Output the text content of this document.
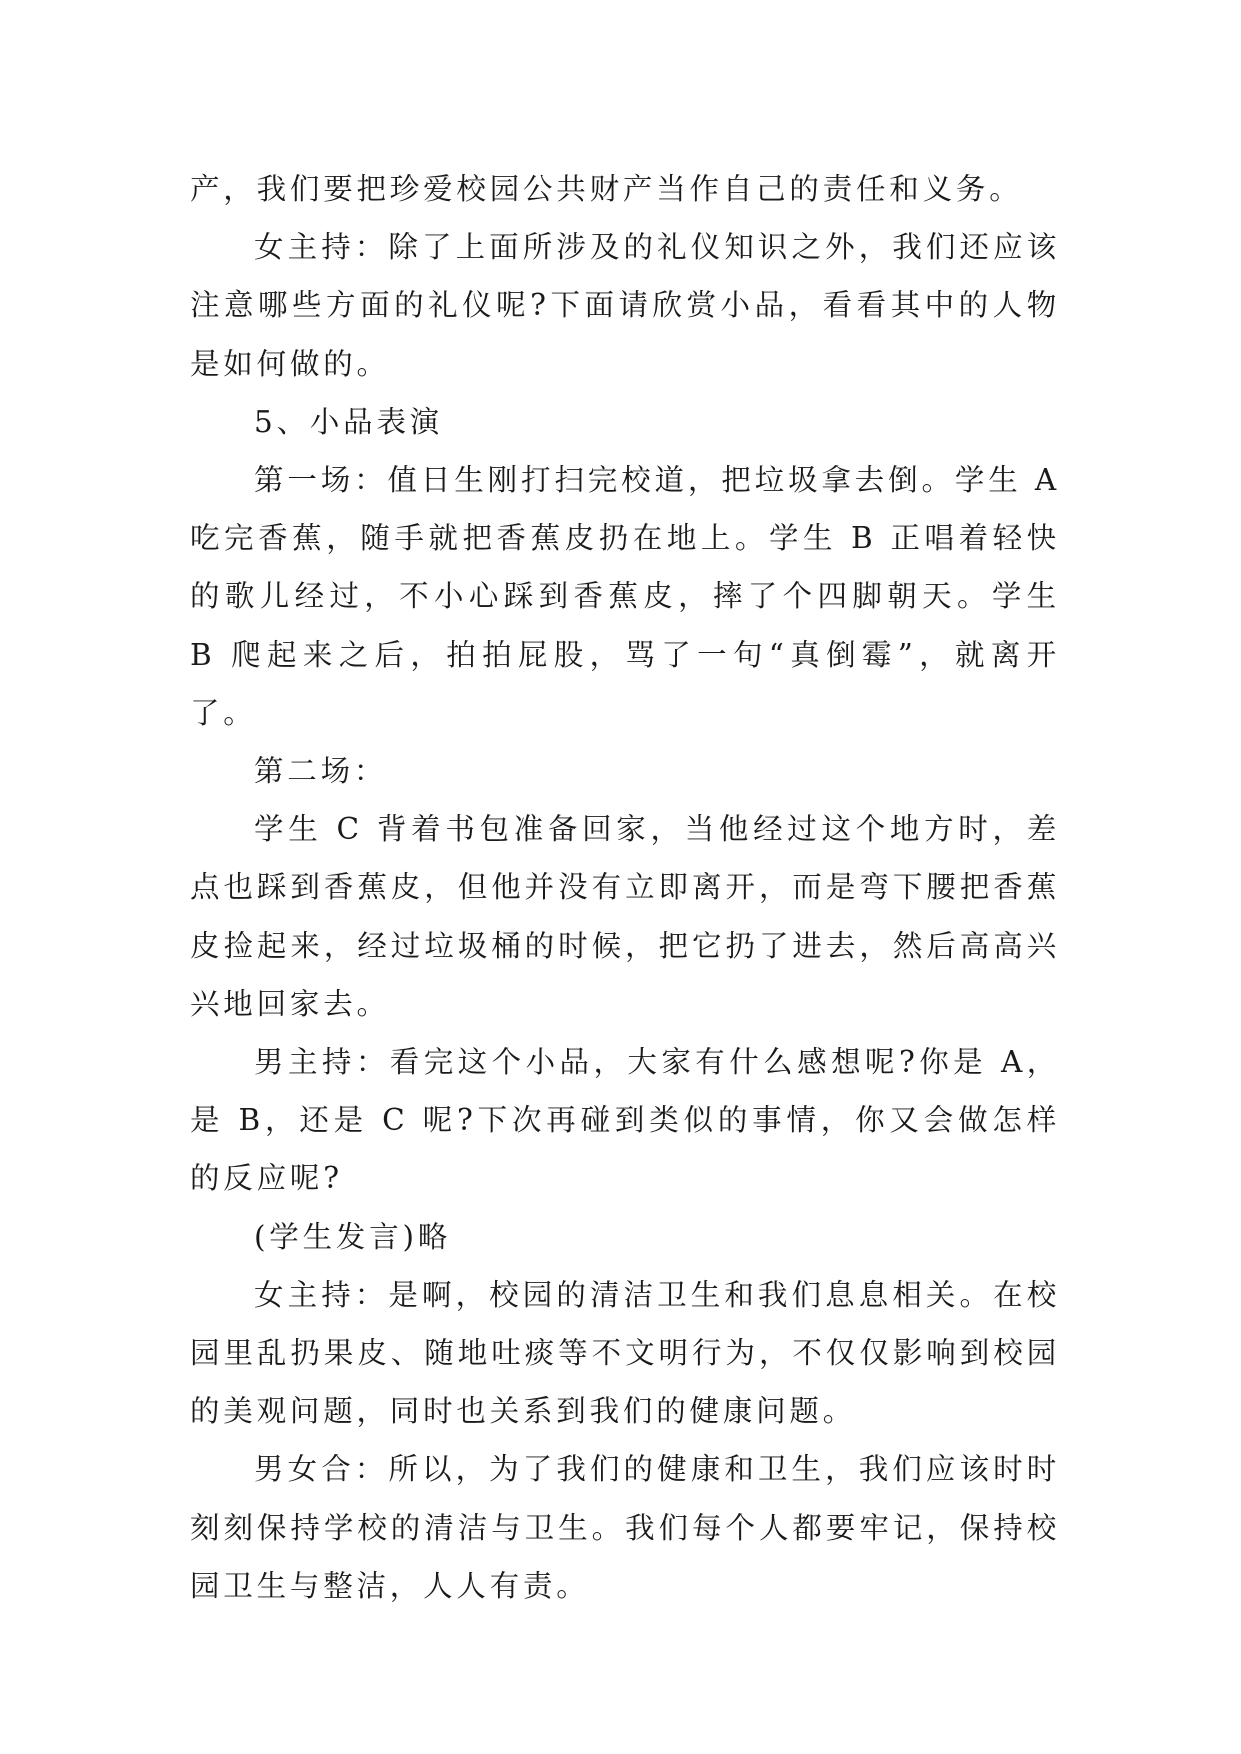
产，我们要把珍爱校园公共财产当作自己的责任和义务。

女主持：除了上面所涉及的礼仪知识之外，我们还应该注意哪些方面的礼仪呢?下面请欣赏小品，看看其中的人物是如何做的。

5、小品表演

第一场：值日生刚打扫完校道，把垃圾拿去倒。学生 A 吃完香蕉，随手就把香蕉皮扔在地上。学生 B 正唱着轻快的歌儿经过，不小心踩到香蕉皮，摔了个四脚朝天。学生 B 爬起来之后，拍拍屁股，骂了一句“真倒霉”，就离开了。

第二场：

学生 C 背着书包准备回家，当他经过这个地方时，差点也踩到香蕉皮，但他并没有立即离开，而是弯下腰把香蕉皮捡起来，经过垃圾桶的时候，把它扔了进去，然后高高兴兴地回家去。

男主持：看完这个小品，大家有什么感想呢?你是 A，是 B，还是 C 呢?下次再碰到类似的事情，你又会做怎样的反应呢?

(学生发言)略

女主持：是啊，校园的清洁卫生和我们息息相关。在校园里乱扔果皮、随地吐痰等不文明行为，不仅仅影响到校园的美观问题，同时也关系到我们的健康问题。

男女合：所以，为了我们的健康和卫生，我们应该时时刻刻保持学校的清洁与卫生。我们每个人都要牢记，保持校园卫生与整洁，人人有责。
